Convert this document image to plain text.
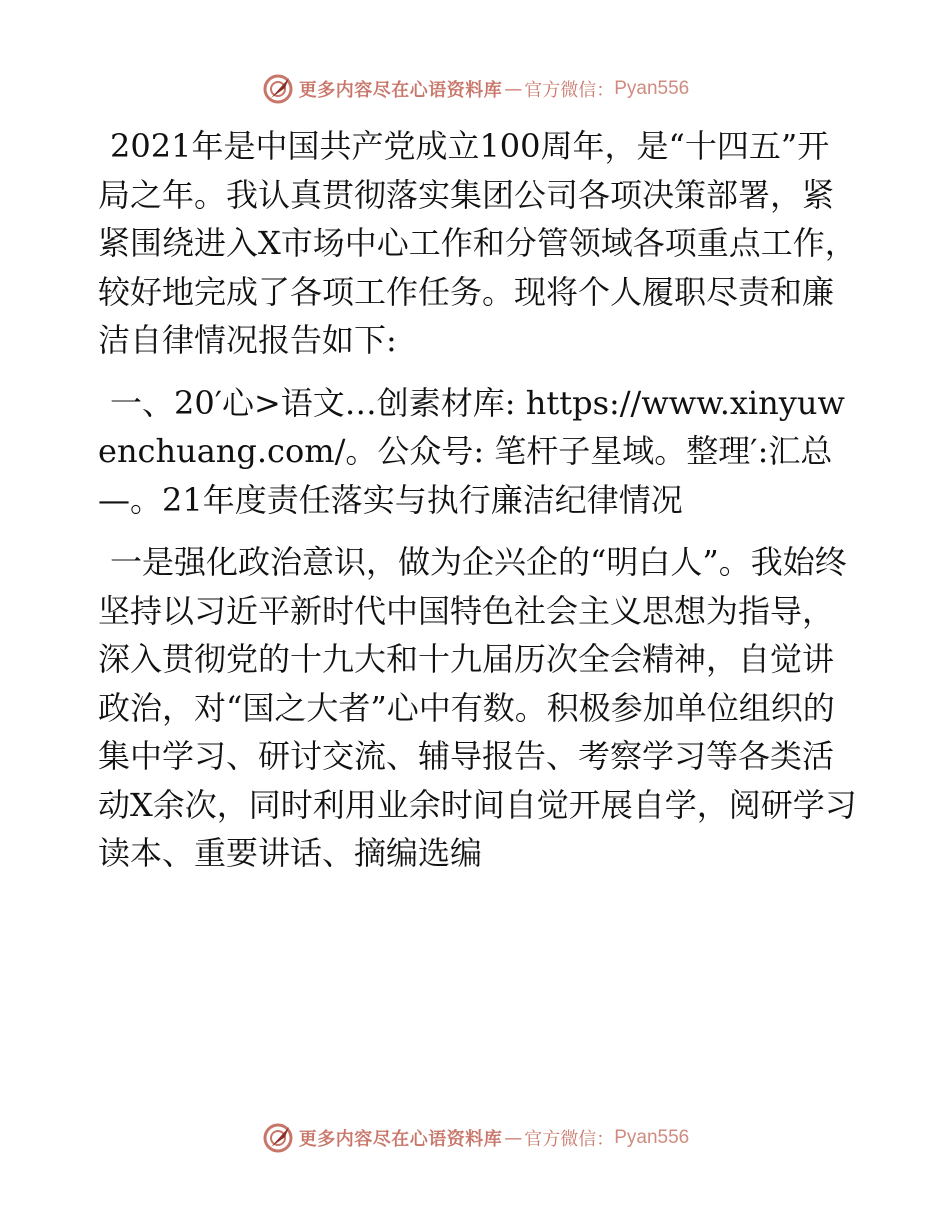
更多内容尽在心语资料库 — 官方微信： Pyan556

2021年是中国共产党成立100周年，是“十四五”开局之年。我认真贯彻落实集团公司各项决策部署，紧紧围绕进入X市场中心工作和分管领域各项重点工作，较好地完成了各项工作任务。现将个人履职尽责和廉洁自律情况报告如下:

一、20′心>语文…创素材库: https://www.xinyuwenchuang.com/。公众号: 笔杆子星域。整理′:汇总—。21年度责任落实与执行廉洁纪律情况

一是强化政治意识，做为企兴企的“明白人”。我始终坚持以习近平新时代中国特色社会主义思想为指导，深入贯彻党的十九大和十九届历次全会精神，自觉讲政治，对“国之大者”心中有数。积极参加单位组织的集中学习、研讨交流、辅导报告、考察学习等各类活动X余次，同时利用业余时间自觉开展自学，阅研学习读本、重要讲话、摘编选编

更多内容尽在心语资料库 — 官方微信： Pyan556
